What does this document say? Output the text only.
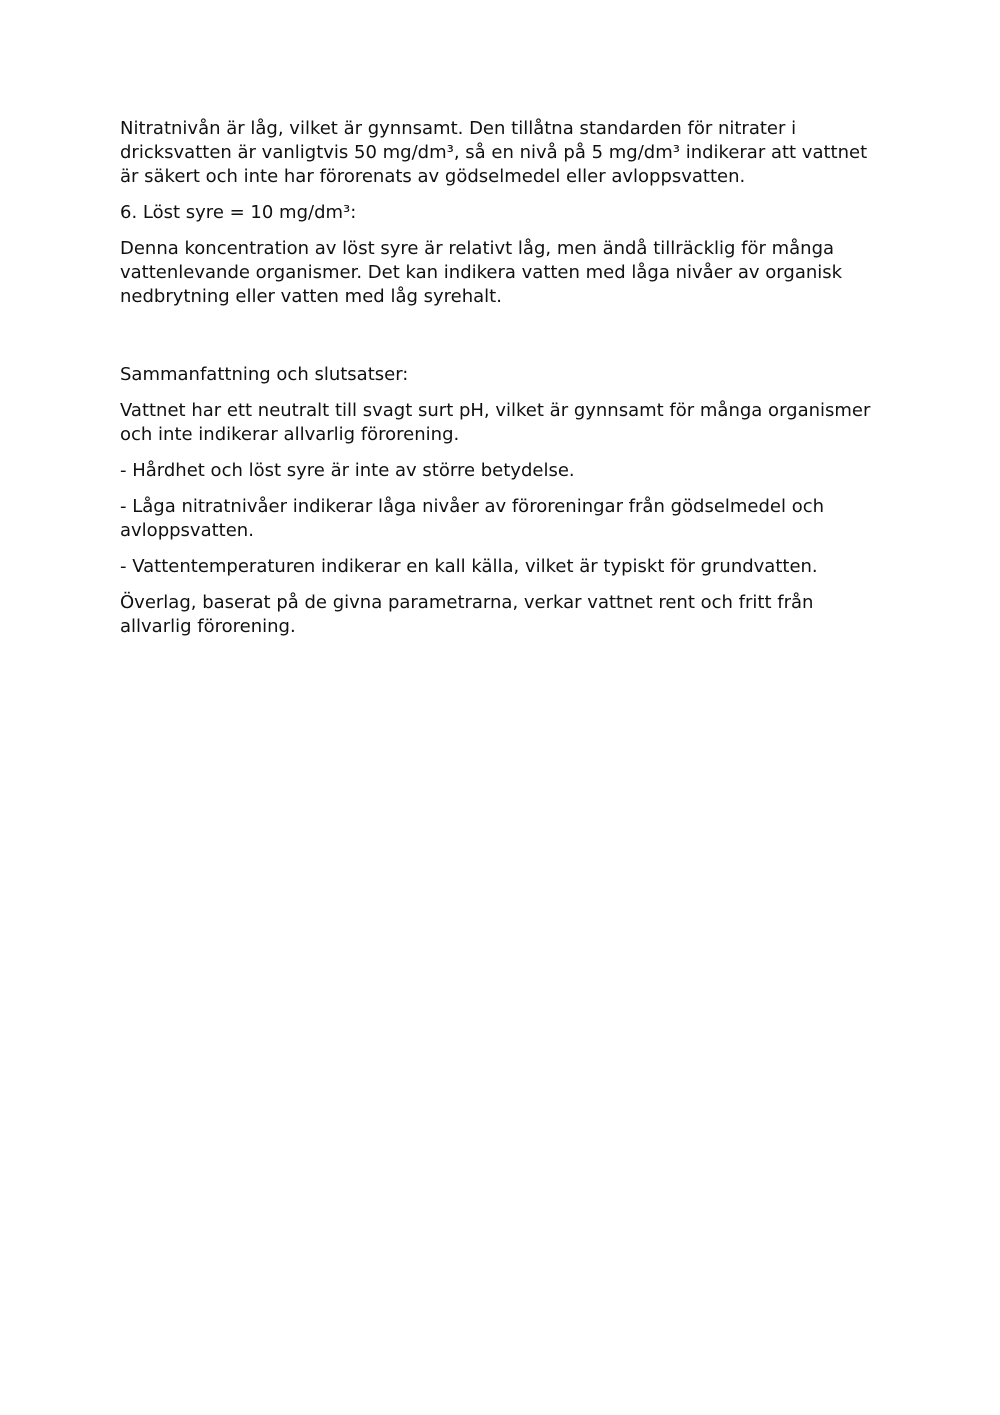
Nitratnivån är låg, vilket är gynnsamt. Den tillåtna standarden för nitrater i dricksvatten är vanligtvis 50 mg/dm³, så en nivå på 5 mg/dm³ indikerar att vattnet är säkert och inte har förorenats av gödselmedel eller avloppsvatten.

6. Löst syre = 10 mg/dm³:

Denna koncentration av löst syre är relativt låg, men ändå tillräcklig för många vattenlevande organismer. Det kan indikera vatten med låga nivåer av organisk nedbrytning eller vatten med låg syrehalt.

Sammanfattning och slutsatser:

Vattnet har ett neutralt till svagt surt pH, vilket är gynnsamt för många organismer och inte indikerar allvarlig förorening.

- Hårdhet och löst syre är inte av större betydelse.

- Låga nitratnivåer indikerar låga nivåer av föroreningar från gödselmedel och avloppsvatten.

- Vattentemperaturen indikerar en kall källa, vilket är typiskt för grundvatten.

Överlag, baserat på de givna parametrarna, verkar vattnet rent och fritt från allvarlig förorening.
